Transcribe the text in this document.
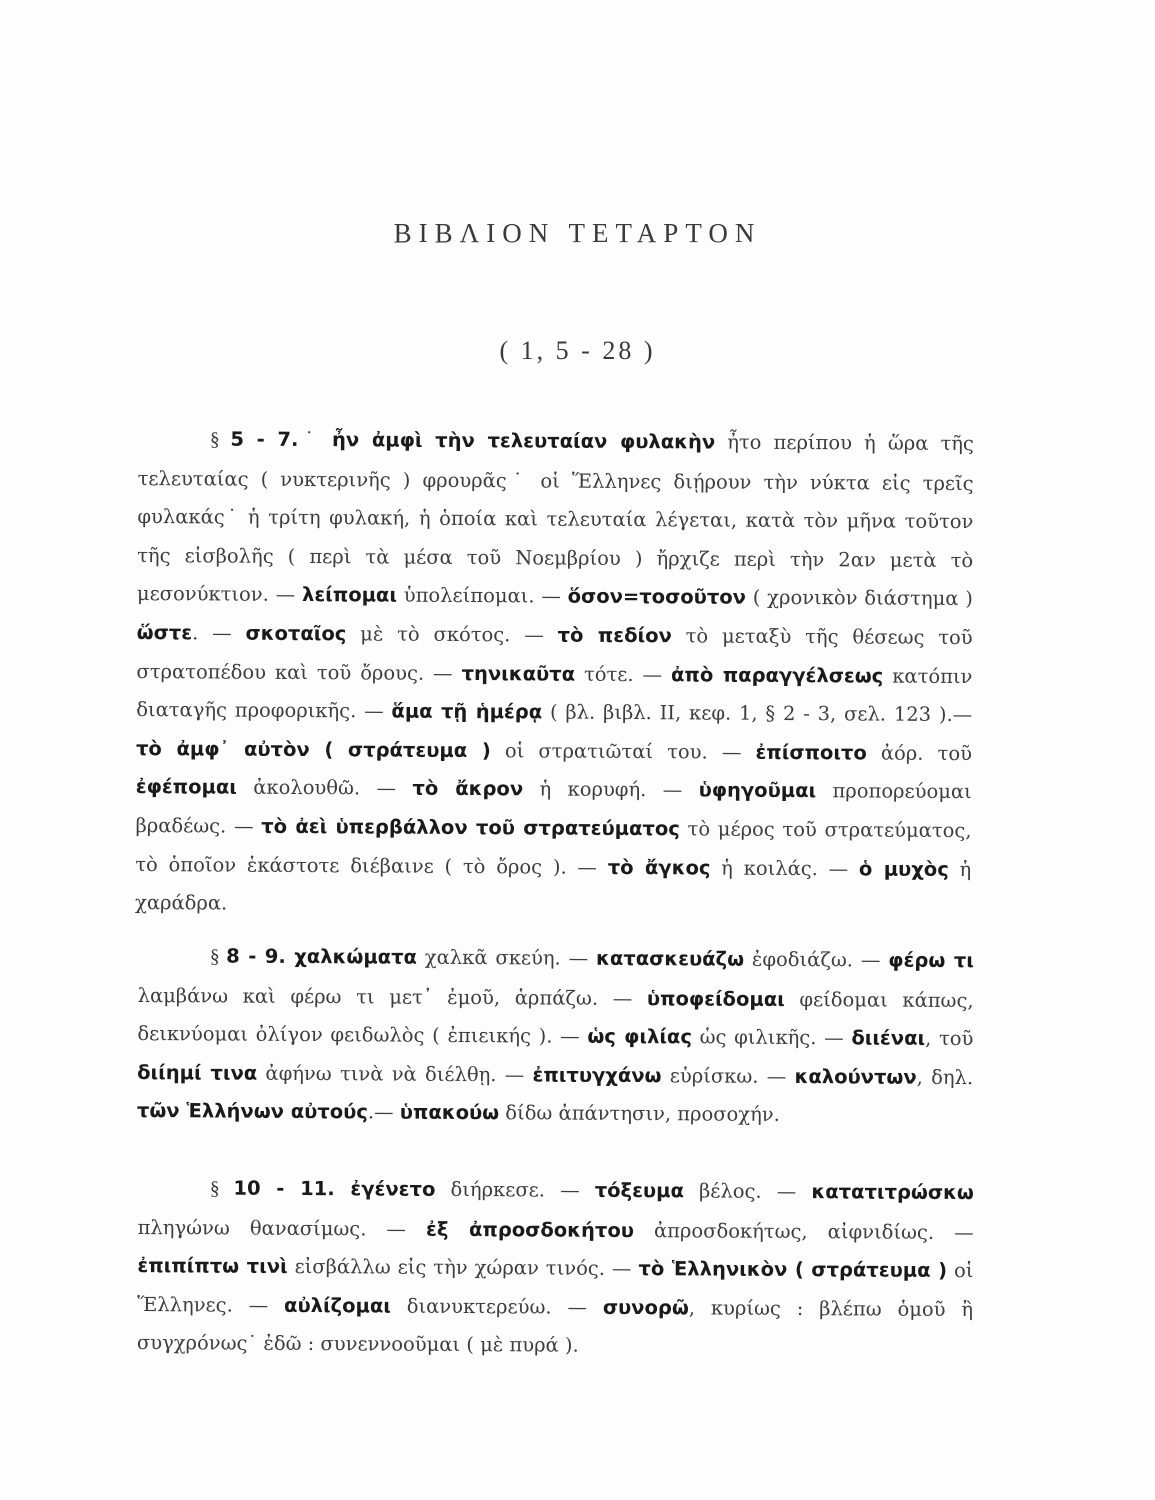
ΒΙΒΛΙΟΝ ΤΕΤΑΡΤΟΝ
( 1, 5 - 28 )

§ 5 - 7.˙ ἦν ἀμφὶ τὴν τελευταίαν φυλακὴν ἦτο περίπου ἡ ὥρα τῆς τελευταίας ( νυκτερινῆς ) φρουρᾶς˙ οἱ Ἕλληνες διῄρουν τὴν νύκτα εἰς τρεῖς φυλακάς˙ ἡ τρίτη φυλακή, ἡ ὁποία καὶ τελευταία λέγεται, κατὰ τὸν μῆνα τοῦτον τῆς εἰσβολῆς ( περὶ τὰ μέσα τοῦ Νοεμβρίου ) ἤρχιζε περὶ τὴν 2αν μετὰ τὸ μεσονύκτιον. — λείπομαι ὑπολείπομαι. — ὅσον=τοσοῦτον ( χρονικὸν διάστημα ) ὥστε. — σκοταῖος μὲ τὸ σκότος. — τὸ πεδίον τὸ μεταξὺ τῆς θέσεως τοῦ στρατοπέδου καὶ τοῦ ὄρους. — τηνικαῦτα τότε. — ἀπὸ παραγγέλσεως κατόπιν διαταγῆς προφορικῆς. — ἅμα τῇ ἡμέρᾳ ( βλ. βιβλ. II, κεφ. 1, § 2 - 3, σελ. 123 ).— τὸ ἀμφ᾽ αὐτὸν ( στράτευμα ) οἱ στρατιῶταί του. — ἐπίσποιτο ἀόρ. τοῦ ἐφέπομαι ἀκολουθῶ. — τὸ ἄκρον ἡ κορυφή. — ὑφηγοῦμαι προπορεύομαι βραδέως. — τὸ ἀεὶ ὑπερβάλλον τοῦ στρατεύματος τὸ μέρος τοῦ στρατεύματος, τὸ ὁποῖον ἑκάστοτε διέβαινε ( τὸ ὄρος ). — τὸ ἄγκος ἡ κοιλάς. — ὁ μυχὸς ἡ χαράδρα.

§ 8 - 9. χαλκώματα χαλκᾶ σκεύη. — κατασκευάζω ἐφοδιάζω. — φέρω τι λαμβάνω καὶ φέρω τι μετ᾽ ἐμοῦ, ἁρπάζω. — ὑποφείδομαι φείδομαι κάπως, δεικνύομαι ὀλίγον φειδωλὸς ( ἐπιεικής ). — ὡς φιλίας ὡς φιλικῆς. — διιέναι, τοῦ διίημί τινα ἀφήνω τινὰ νὰ διέλθῃ. — ἐπιτυγχάνω εὑρίσκω. — καλούντων, δηλ. τῶν Ἑλλήνων αὐτούς.— ὑπακούω δίδω ἀπάντησιν, προσοχήν.

§ 10 - 11. ἐγένετο διήρκεσε. — τόξευμα βέλος. — κατατιτρώσκω πληγώνω θανασίμως. — ἐξ ἀπροσδοκήτου ἀπροσδοκήτως, αἰφνιδίως. — ἐπιπίπτω τινὶ εἰσβάλλω εἰς τὴν χώραν τινός. — τὸ Ἑλληνικὸν ( στράτευμα ) οἱ Ἕλληνες. — αὐλίζομαι διανυκτερεύω. — συνορῶ, κυρίως : βλέπω ὁμοῦ ἢ συγχρόνως˙ ἐδῶ : συνεννοοῦμαι ( μὲ πυρά ).
